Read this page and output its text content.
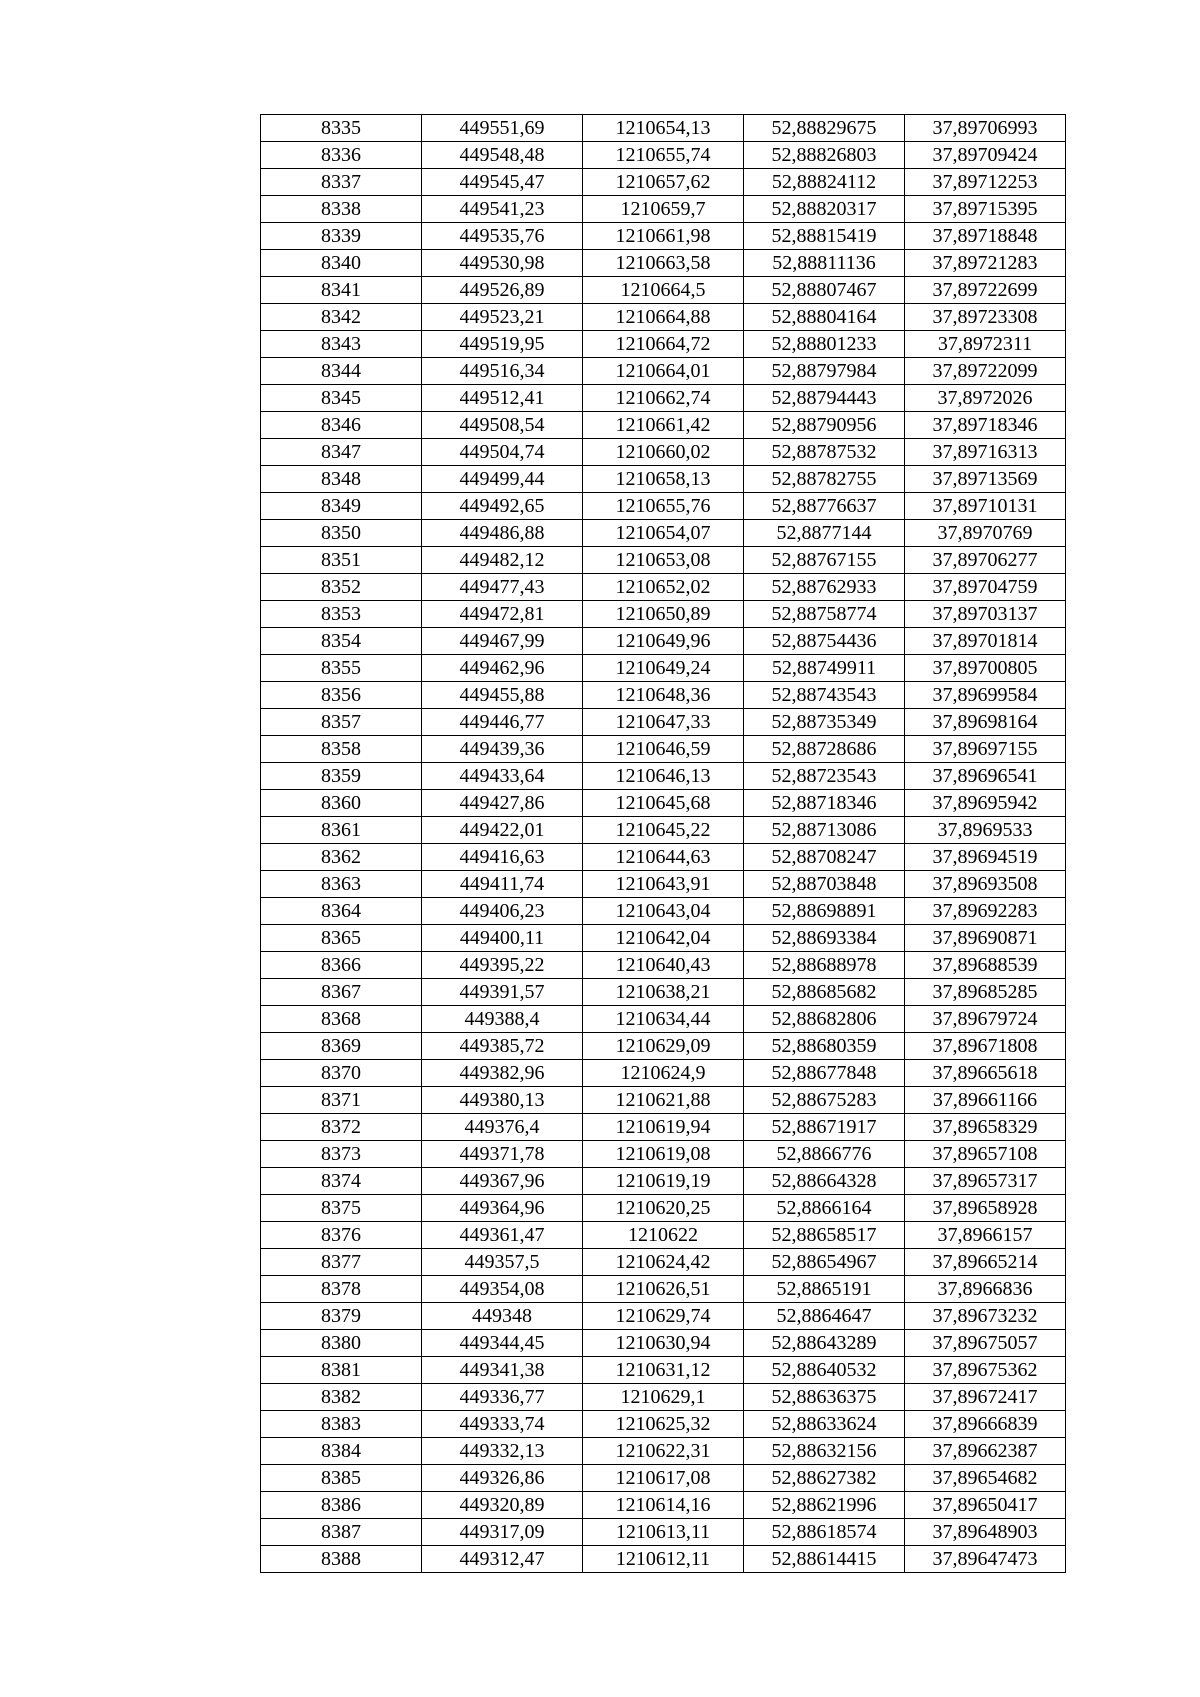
8335	449551,69	1210654,13	52,88829675	37,89706993
8336	449548,48	1210655,74	52,88826803	37,89709424
8337	449545,47	1210657,62	52,88824112	37,89712253
8338	449541,23	1210659,7	52,88820317	37,89715395
8339	449535,76	1210661,98	52,88815419	37,89718848
8340	449530,98	1210663,58	52,88811136	37,89721283
8341	449526,89	1210664,5	52,88807467	37,89722699
8342	449523,21	1210664,88	52,88804164	37,89723308
8343	449519,95	1210664,72	52,88801233	37,8972311
8344	449516,34	1210664,01	52,88797984	37,89722099
8345	449512,41	1210662,74	52,88794443	37,8972026
8346	449508,54	1210661,42	52,88790956	37,89718346
8347	449504,74	1210660,02	52,88787532	37,89716313
8348	449499,44	1210658,13	52,88782755	37,89713569
8349	449492,65	1210655,76	52,88776637	37,89710131
8350	449486,88	1210654,07	52,8877144	37,8970769
8351	449482,12	1210653,08	52,88767155	37,89706277
8352	449477,43	1210652,02	52,88762933	37,89704759
8353	449472,81	1210650,89	52,88758774	37,89703137
8354	449467,99	1210649,96	52,88754436	37,89701814
8355	449462,96	1210649,24	52,88749911	37,89700805
8356	449455,88	1210648,36	52,88743543	37,89699584
8357	449446,77	1210647,33	52,88735349	37,89698164
8358	449439,36	1210646,59	52,88728686	37,89697155
8359	449433,64	1210646,13	52,88723543	37,89696541
8360	449427,86	1210645,68	52,88718346	37,89695942
8361	449422,01	1210645,22	52,88713086	37,8969533
8362	449416,63	1210644,63	52,88708247	37,89694519
8363	449411,74	1210643,91	52,88703848	37,89693508
8364	449406,23	1210643,04	52,88698891	37,89692283
8365	449400,11	1210642,04	52,88693384	37,89690871
8366	449395,22	1210640,43	52,88688978	37,89688539
8367	449391,57	1210638,21	52,88685682	37,89685285
8368	449388,4	1210634,44	52,88682806	37,89679724
8369	449385,72	1210629,09	52,88680359	37,89671808
8370	449382,96	1210624,9	52,88677848	37,89665618
8371	449380,13	1210621,88	52,88675283	37,89661166
8372	449376,4	1210619,94	52,88671917	37,89658329
8373	449371,78	1210619,08	52,8866776	37,89657108
8374	449367,96	1210619,19	52,88664328	37,89657317
8375	449364,96	1210620,25	52,8866164	37,89658928
8376	449361,47	1210622	52,88658517	37,8966157
8377	449357,5	1210624,42	52,88654967	37,89665214
8378	449354,08	1210626,51	52,8865191	37,8966836
8379	449348	1210629,74	52,8864647	37,89673232
8380	449344,45	1210630,94	52,88643289	37,89675057
8381	449341,38	1210631,12	52,88640532	37,89675362
8382	449336,77	1210629,1	52,88636375	37,89672417
8383	449333,74	1210625,32	52,88633624	37,89666839
8384	449332,13	1210622,31	52,88632156	37,89662387
8385	449326,86	1210617,08	52,88627382	37,89654682
8386	449320,89	1210614,16	52,88621996	37,89650417
8387	449317,09	1210613,11	52,88618574	37,89648903
8388	449312,47	1210612,11	52,88614415	37,89647473
